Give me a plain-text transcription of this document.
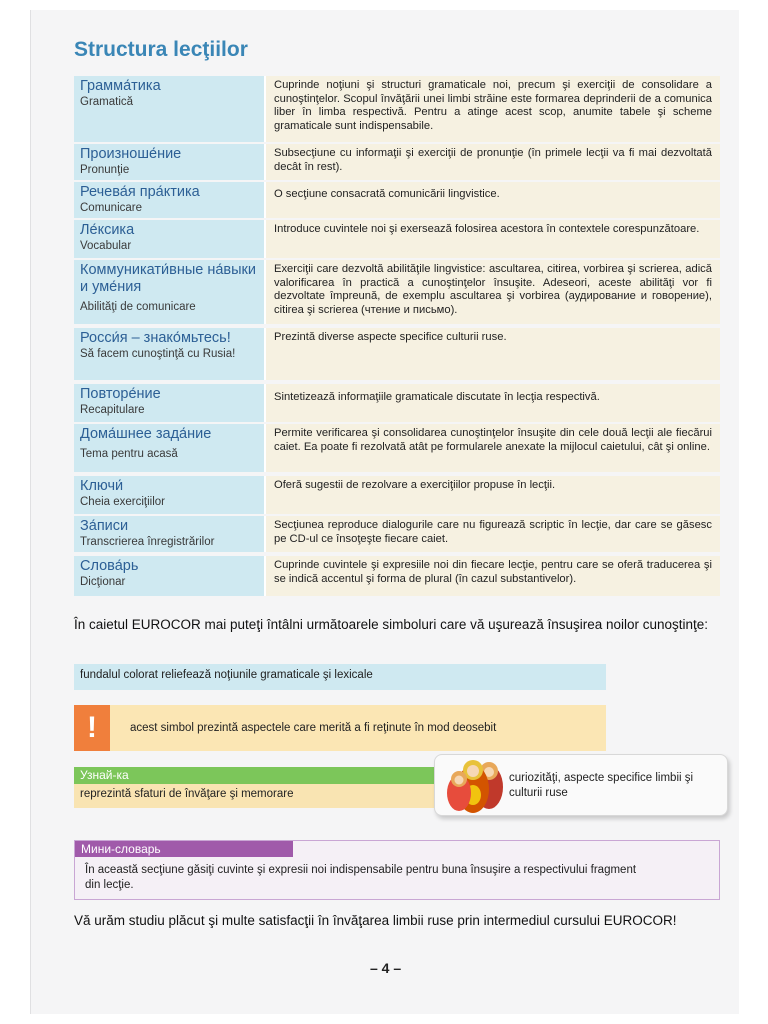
Structura lecţiilor
Грамма́тика
Gramatică
Cuprinde noţiuni şi structuri gramaticale noi, precum şi exerciţii de consolidare a cunoştinţelor. Scopul învăţării unei limbi străine este formarea deprinderii de a comunica liber în limba respectivă. Pentru a atinge acest scop, anumite tabele şi scheme gramaticale sunt indispensabile.
Произноше́ние
Pronunţie
Subsecţiune cu informaţii şi exerciţii de pronunţie (în primele lecţii va fi mai dezvoltată decât în rest).
Речева́я пра́ктика
Comunicare
O secţiune consacrată comunicării lingvistice.
Ле́ксика
Vocabular
Introduce cuvintele noi şi exersează folosirea acestora în contextele corespunzătoare.
Коммуникати́вные на́выки и уме́ния
Abilităţi de comunicare
Exerciţii care dezvoltă abilităţile lingvistice: ascultarea, citirea, vorbirea şi scrierea, adică valorificarea în practică a cunoştinţelor însuşite. Adeseori, aceste abilităţi vor fi dezvoltate împreună, de exemplu ascultarea şi vorbirea (аудирование и говорение), citirea şi scrierea (чтение и письмо).
Росси́я – знако́мьтесь!
Să facem cunoştinţă cu Rusia!
Prezintă diverse aspecte specifice culturii ruse.
Повторе́ние
Recapitulare
Sintetizează informaţiile gramaticale discutate în lecţia respectivă.
Дома́шнее зада́ние
Tema pentru acasă
Permite verificarea şi consolidarea cunoştinţelor însuşite din cele două lecţii ale fiecărui caiet. Ea poate fi rezolvată atât pe formularele anexate la mijlocul caietului, cât şi online.
Ключи́
Cheia exerciţiilor
Oferă sugestii de rezolvare a exerciţiilor propuse în lecţii.
За́писи
Transcrierea înregistrărilor
Secţiunea reproduce dialogurile care nu figurează scriptic în lecţie, dar care se găsesc pe CD-ul ce însoţeşte fiecare caiet.
Слова́рь
Dicţionar
Cuprinde cuvintele şi expresiile noi din fiecare lecţie, pentru care se oferă traducerea şi se indică accentul şi forma de plural (în cazul substantivelor).

În caietul EUROCOR mai puteţi întâlni următoarele simboluri care vă uşurează însuşirea noilor cunoştinţe:

fundalul colorat reliefează noţiunile gramaticale şi lexicale
!	acest simbol prezintă aspectele care merită a fi reţinute în mod deosebit
Узнай-ка
reprezintă sfaturi de învăţare şi memorare
curiozităţi, aspecte specifice limbii şi culturii ruse
Мини-словарь
În această secţiune găsiţi cuvinte şi expresii noi indispensabile pentru buna însuşire a respectivului fragment din lecţie.

Vă urăm studiu plăcut şi multe satisfacţii în învăţarea limbii ruse prin intermediul cursului EUROCOR!

– 4 –
